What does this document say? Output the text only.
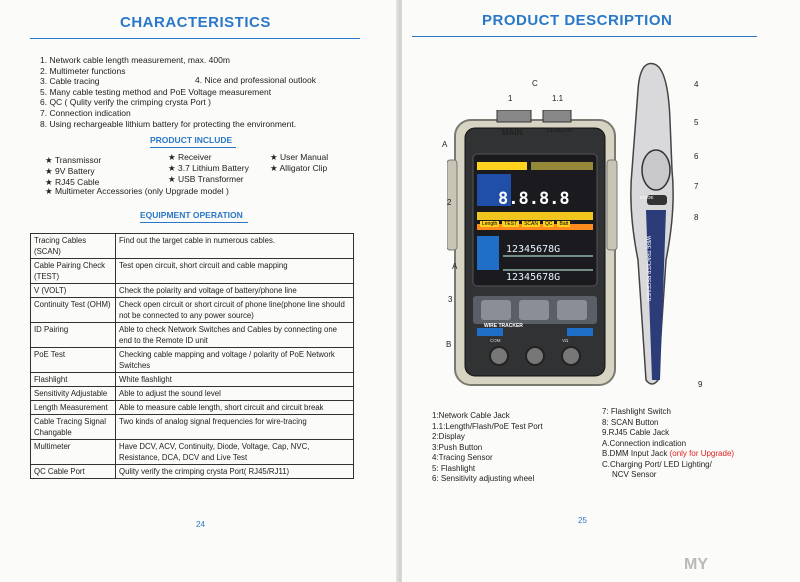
CHARACTERISTICS
1. Network cable length measurement, max. 400m
2. Multimeter functions
3. Cable tracing
5. Many cable testing method and PoE Voltage measurement
6. QC ( Qulity verify the crimping crysta Port )
7. Connection indication
8. Using rechargeable lithium battery for protecting the environment.
4. Nice and professional outlook
PRODUCT INCLUDE
★ Transmissor
★ 9V Battery
★ RJ45 Cable
★ Receiver
★ 3.7 Lithium Battery
★ USB Transformer
★ User Manual
★ Alligator Clip
★ Multimeter Accessories (only Upgrade model )
EQUIPMENT OPERATION
Tracing Cables (SCAN)	Find out the target cable in numerous cables.
Cable Pairing Check (TEST)	Test open circuit, short circuit and cable mapping
V (VOLT)	Check the polarity and voltage of battery/phone line
Continuity Test (OHM)	Check open circuit or short circuit of phone line(phone line should not be connected to any power source)
ID Pairing	Able to check Network Switches and Cables by connecting one end to the Remote ID unit
PoE Test	Checking cable mapping and voltage / polarity of PoE Network Switches
Flashlight	White flashlight
Sensitivity Adjustable	Able to adjust the sound level
Length Measurement	Able to measure cable length, short circuit and circuit break
Cable Tracing Signal Changable	Two kinds of analog signal frequencies for wire-tracing
Multimeter	Have DCV, ACV, Continuity, Diode, Voltage, Cap, NVC, Resistance, DCA, DCV and Live Test
QC Cable Port	Qulity verify the crimping crysta Port( RJ45/RJ11)
24
PRODUCT DESCRIPTION
8.8.8.8
Length	TEST	SCAN	QC	Batt
12345678G
12345678G
WIRE TRACKER
COM	VΩ
MODE
WIRE TRACKER RECEIVER
C
1	1.1
MAIN	LENGTH
A
2
A
3
B
4
5
6
7
8
9
1:Network Cable Jack
1.1:Length/Flash/PoE Test Port
2:Display
3:Push Button
4:Tracing Sensor
5: Flashlight
6: Sensitivity adjusting wheel
7: Flashlight Switch
8: SCAN Button
9.RJ45 Cable Jack
A.Connection indication
B.DMM Input Jack (only for Upgrade)
C.Charging Port/ LED Lighting/
NCV Sensor
25
MY
